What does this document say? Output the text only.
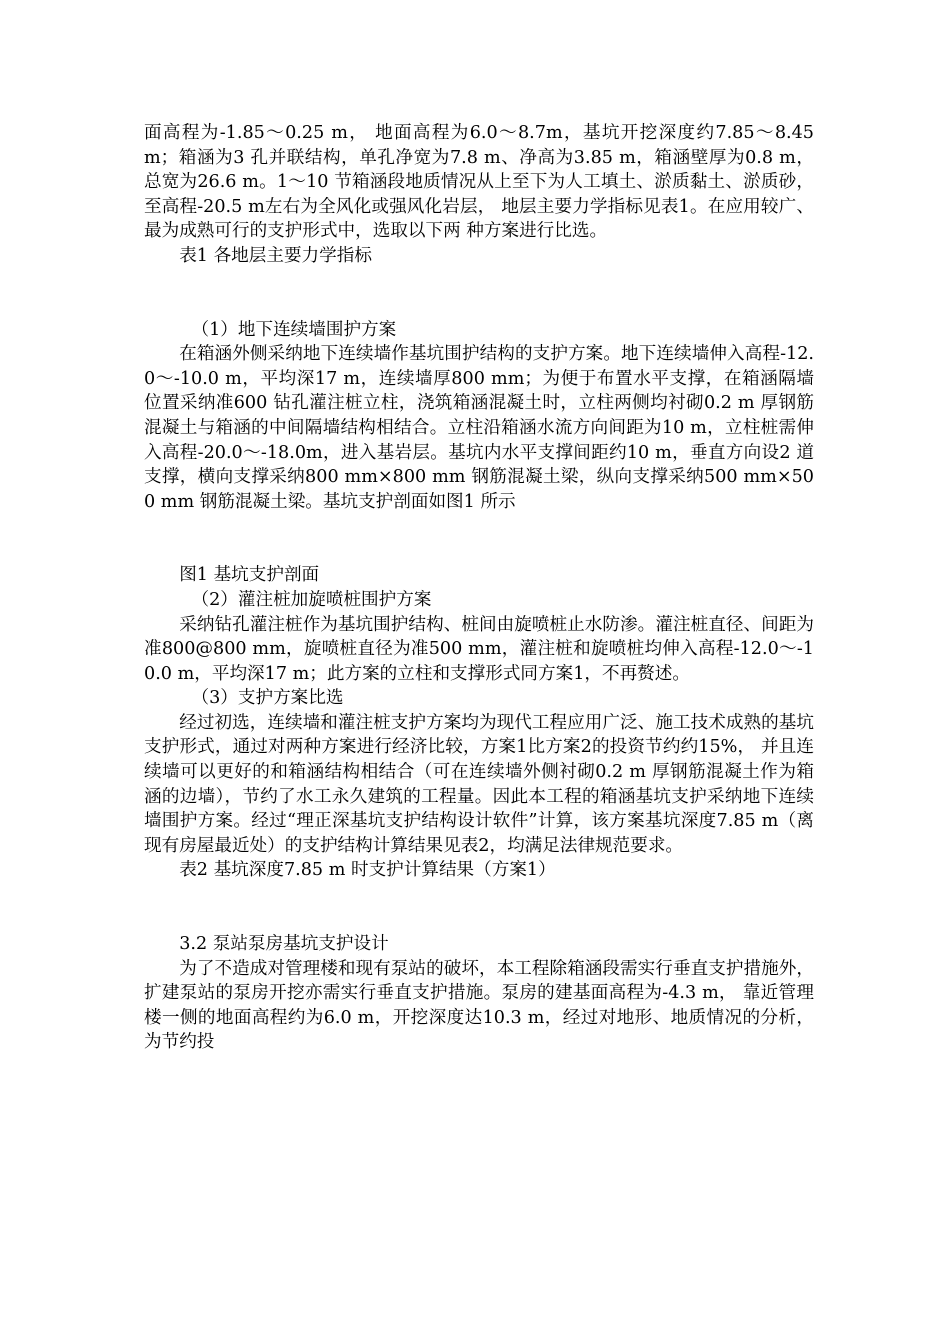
面高程为-1.85～0.25 m， 地面高程为6.0～8.7m，基坑开挖深度约7.85～8.45 m；箱涵为3 孔并联结构，单孔净宽为7.8 m、净高为3.85 m，箱涵壁厚为0.8 m，总宽为26.6 m。1～10 节箱涵段地质情况从上至下为人工填土、淤质黏土、淤质砂，至高程-20.5 m左右为全风化或强风化岩层， 地层主要力学指标见表1。在应用较广、最为成熟可行的支护形式中，选取以下两 种方案进行比选。

表1 各地层主要力学指标

（1）地下连续墙围护方案

在箱涵外侧采纳地下连续墙作基坑围护结构的支护方案。地下连续墙伸入高程-12.0～-10.0 m，平均深17 m，连续墙厚800 mm；为便于布置水平支撑，在箱涵隔墙位置采纳准600 钻孔灌注桩立柱，浇筑箱涵混凝土时，立柱两侧均衬砌0.2 m 厚钢筋混凝土与箱涵的中间隔墙结构相结合。立柱沿箱涵水流方向间距为10 m，立柱桩需伸入高程-20.0～-18.0m，进入基岩层。基坑内水平支撑间距约10 m，垂直方向设2 道支撑，横向支撑采纳800 mm×800 mm 钢筋混凝土梁，纵向支撑采纳500 mm×500 mm 钢筋混凝土梁。基坑支护剖面如图1 所示

图1 基坑支护剖面

（2）灌注桩加旋喷桩围护方案

采纳钻孔灌注桩作为基坑围护结构、桩间由旋喷桩止水防渗。灌注桩直径、间距为准800@800 mm，旋喷桩直径为准500 mm，灌注桩和旋喷桩均伸入高程-12.0～-10.0 m，平均深17 m；此方案的立柱和支撑形式同方案1，不再赘述。

（3）支护方案比选

经过初选，连续墙和灌注桩支护方案均为现代工程应用广泛、施工技术成熟的基坑支护形式，通过对两种方案进行经济比较，方案1比方案2的投资节约约15%， 并且连续墙可以更好的和箱涵结构相结合（可在连续墙外侧衬砌0.2 m 厚钢筋混凝土作为箱涵的边墙），节约了水工永久建筑的工程量。因此本工程的箱涵基坑支护采纳地下连续墙围护方案。经过“理正深基坑支护结构设计软件”计算，该方案基坑深度7.85 m（离现有房屋最近处）的支护结构计算结果见表2，均满足法律规范要求。

表2 基坑深度7.85 m 时支护计算结果（方案1）

3.2 泵站泵房基坑支护设计

为了不造成对管理楼和现有泵站的破坏，本工程除箱涵段需实行垂直支护措施外，扩建泵站的泵房开挖亦需实行垂直支护措施。泵房的建基面高程为-4.3 m， 靠近管理楼一侧的地面高程约为6.0 m，开挖深度达10.3 m，经过对地形、地质情况的分析，为节约投
